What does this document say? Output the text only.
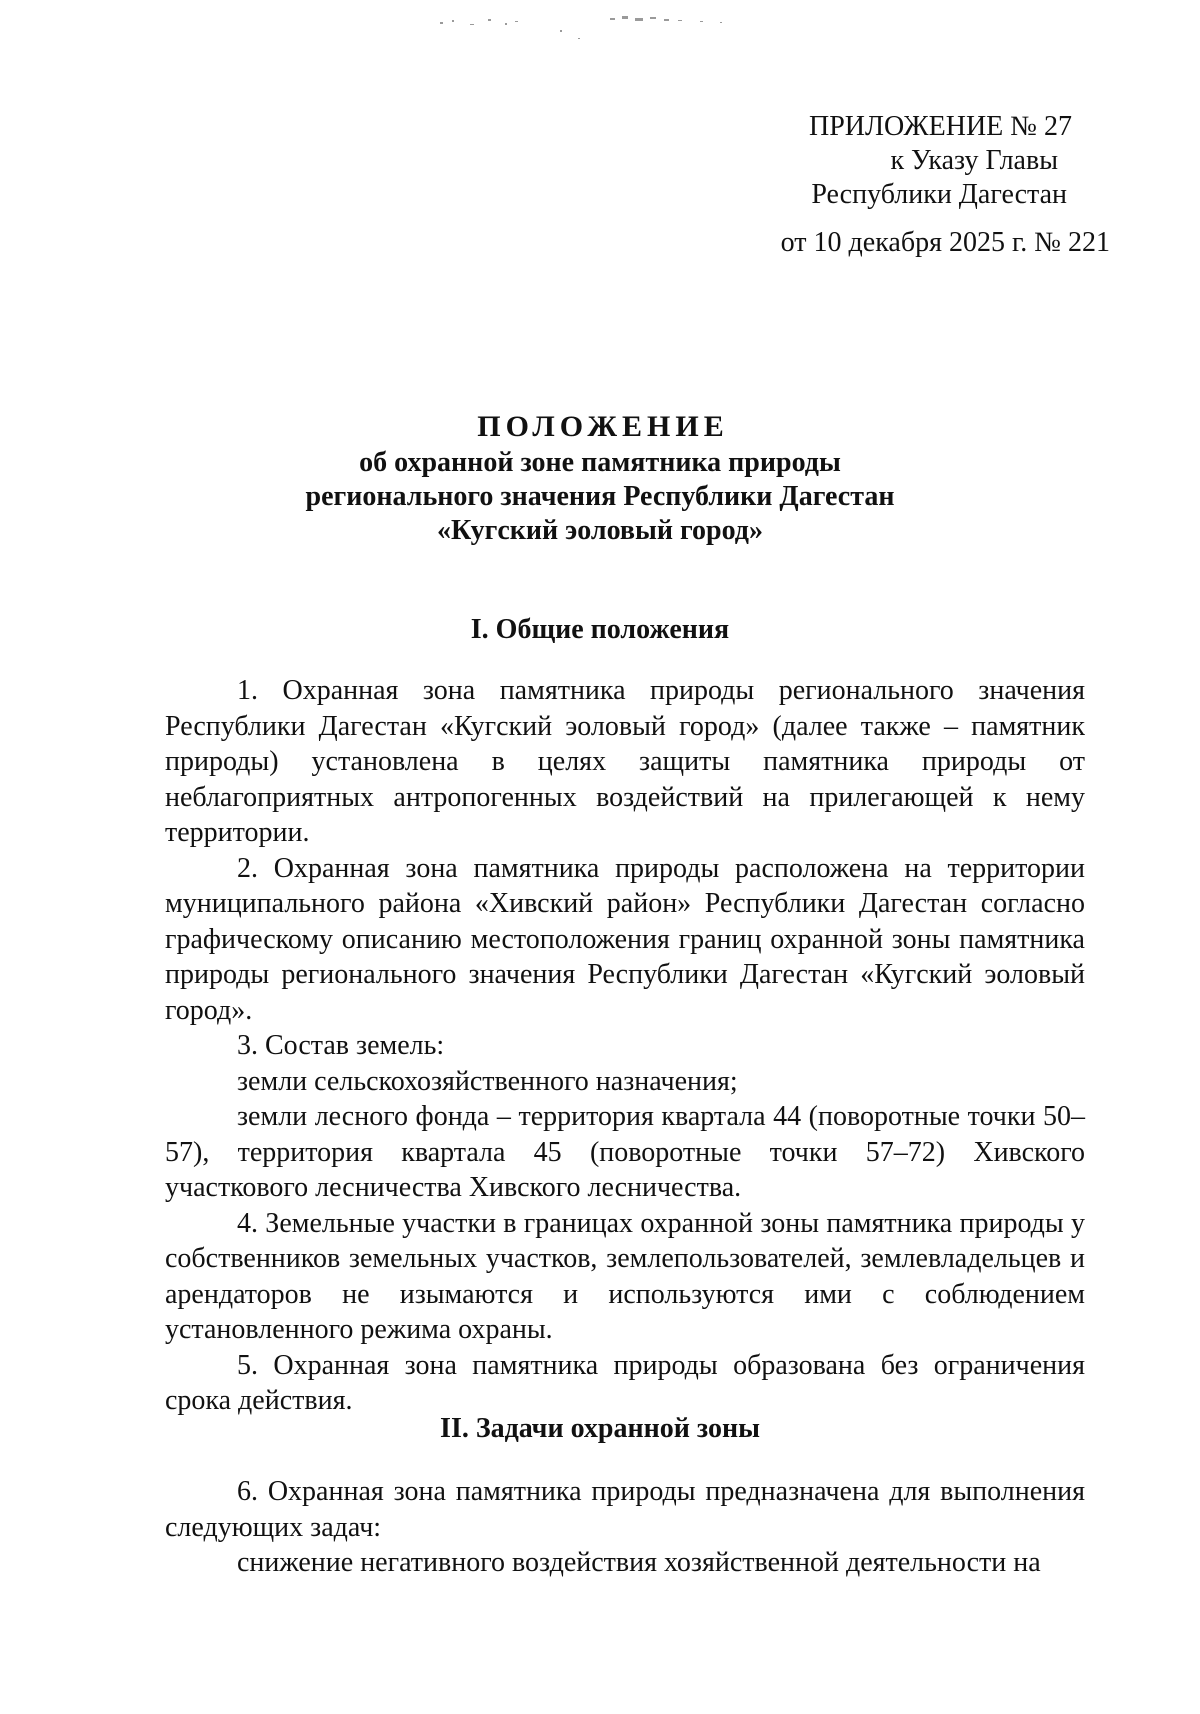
ПРИЛОЖЕНИЕ № 27
к Указу Главы
Республики Дагестан
от 10 декабря 2025 г. № 221
ПОЛОЖЕНИЕ
об охранной зоне памятника природы
регионального значения Республики Дагестан
«Кугский эоловый город»
I. Общие положения

1. Охранная зона памятника природы регионального значения Республики Дагестан «Кугский эоловый город» (далее также – памятник природы) установлена в целях защиты памятника природы от неблагоприятных антропогенных воздействий на прилегающей к нему территории.

2. Охранная зона памятника природы расположена на территории муниципального района «Хивский район» Республики Дагестан согласно графическому описанию местоположения границ охранной зоны памятника природы регионального значения Республики Дагестан «Кугский эоловый город».

3. Состав земель:

земли сельскохозяйственного назначения;

земли лесного фонда – территория квартала 44 (поворотные точки 50–57), территория квартала 45 (поворотные точки 57–72) Хивского участкового лесничества Хивского лесничества.

4. Земельные участки в границах охранной зоны памятника природы у собственников земельных участков, землепользователей, землевладельцев и арендаторов не изымаются и используются ими с соблюдением установленного режима охраны.

5. Охранная зона памятника природы образована без ограничения срока действия.

II. Задачи охранной зоны

6. Охранная зона памятника природы предназначена для выполнения следующих задач:

снижение негативного воздействия хозяйственной деятельности на
